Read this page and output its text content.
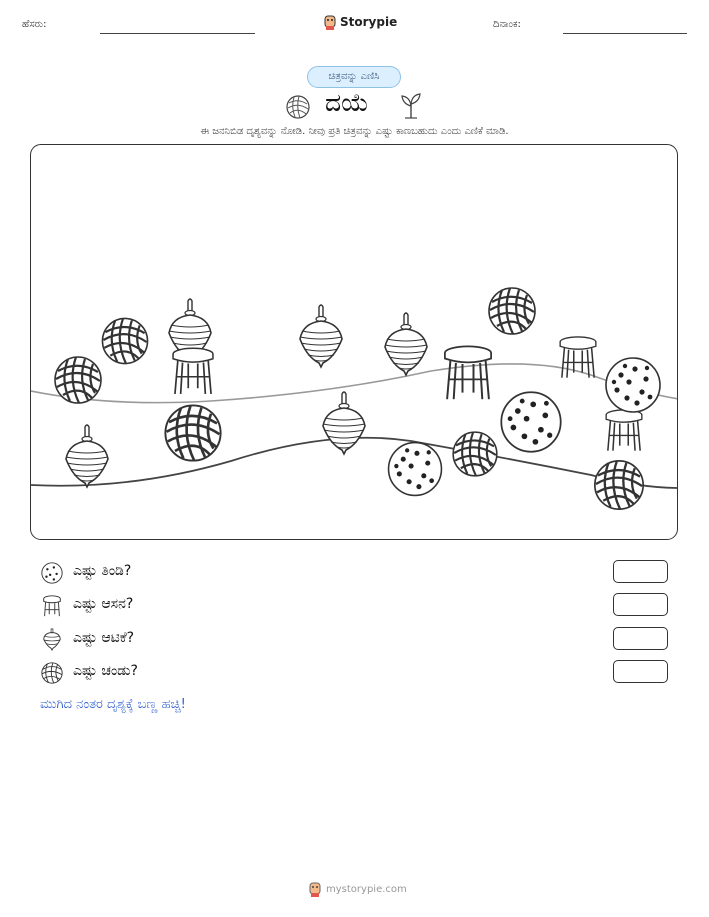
ಹೆಸರು:	Storypie	ದಿನಾಂಕ:
ಚಿತ್ರವನ್ನು ಎಣಿಸಿ
ದಯೆ
ಈ ಜನನಿಬಿಡ ದೃಶ್ಯವನ್ನು ನೋಡಿ. ನೀವು ಪ್ರತಿ ಚಿತ್ರವನ್ನು ಎಷ್ಟು ಕಾಣಬಹುದು ಎಂದು ಎಣಿಕೆ ಮಾಡಿ.
ಎಷ್ಟು ತಿಂಡಿ?
ಎಷ್ಟು ಆಸನ?
ಎಷ್ಟು ಆಟಿಕೆ?
ಎಷ್ಟು ಚಂಡು?
ಮುಗಿದ ನಂತರ ದೃಶ್ಯಕ್ಕೆ ಬಣ್ಣ ಹಚ್ಚಿ!
mystorypie.com
